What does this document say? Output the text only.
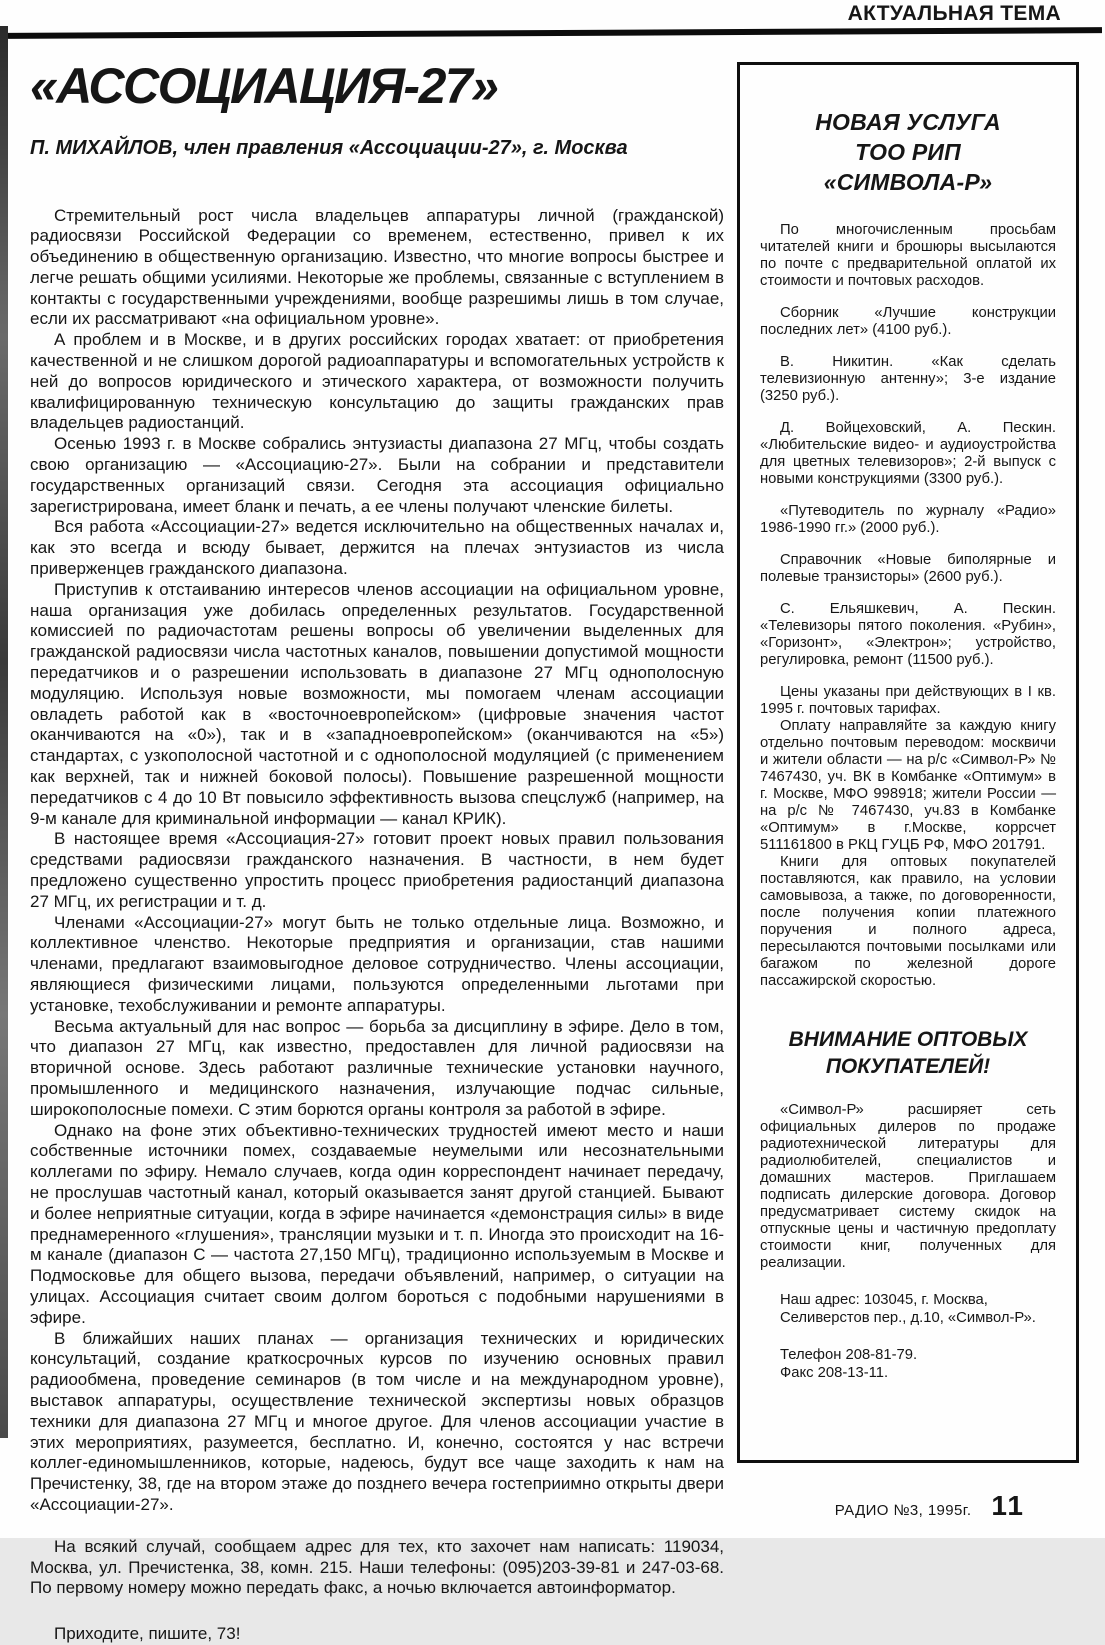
АКТУАЛЬНАЯ ТЕМА
«АССОЦИАЦИЯ-27»
П. МИХАЙЛОВ, член правления «Ассоциации-27», г. Москва

Стремительный рост числа владельцев аппаратуры личной (гражданской) радиосвязи Российской Федерации со временем, естественно, привел к их объединению в общественную организацию. Известно, что многие вопросы быстрее и легче решать общими усилиями. Некоторые же проблемы, связанные с вступлением в контакты с государственными учреждениями, вообще разрешимы лишь в том случае, если их рассматривают «на официальном уровне».

А проблем и в Москве, и в других российских городах хватает: от приобретения качественной и не слишком дорогой радиоаппаратуры и вспомогательных устройств к ней до вопросов юридического и этического характера, от возможности получить квалифицированную техническую консультацию до защиты гражданских прав владельцев радиостанций.

Осенью 1993 г. в Москве собрались энтузиасты диапазона 27 МГц, чтобы создать свою организацию — «Ассоциацию-27». Были на собрании и представители государственных организаций связи. Сегодня эта ассоциация официально зарегистрирована, имеет бланк и печать, а ее члены получают членские билеты.

Вся работа «Ассоциации-27» ведется исключительно на общественных началах и, как это всегда и всюду бывает, держится на плечах энтузиастов из числа приверженцев гражданского диапазона.

Приступив к отстаиванию интересов членов ассоциации на официальном уровне, наша организация уже добилась определенных результатов. Государственной комиссией по радиочастотам решены вопросы об увеличении выделенных для гражданской радиосвязи числа частотных каналов, повышении допустимой мощности передатчиков и о разрешении использовать в диапазоне 27 МГц однополосную модуляцию. Используя новые возможности, мы помогаем членам ассоциации овладеть работой как в «восточноевропейском» (цифровые значения частот оканчиваются на «0»), так и в «западноевропейском» (оканчиваются на «5») стандартах, с узкополосной частотной и с однополосной модуляцией (с применением как верхней, так и нижней боковой полосы). Повышение разрешенной мощности передатчиков с 4 до 10 Вт повысило эффективность вызова спецслужб (например, на 9-м канале для криминальной информации — канал КРИК).

В настоящее время «Ассоциация-27» готовит проект новых правил пользования средствами радиосвязи гражданского назначения. В частности, в нем будет предложено существенно упростить процесс приобретения радиостанций диапазона 27 МГц, их регистрации и т. д.

Членами «Ассоциации-27» могут быть не только отдельные лица. Возможно, и коллективное членство. Некоторые предприятия и организации, став нашими членами, предлагают взаимовыгодное деловое сотрудничество. Члены ассоциации, являющиеся физическими лицами, пользуются определенными льготами при установке, техобслуживании и ремонте аппаратуры.

Весьма актуальный для нас вопрос — борьба за дисциплину в эфире. Дело в том, что диапазон 27 МГц, как известно, предоставлен для личной радиосвязи на вторичной основе. Здесь работают различные технические установки научного, промышленного и медицинского назначения, излучающие подчас сильные, широкополосные помехи. С этим борются органы контроля за работой в эфире.

Однако на фоне этих объективно-технических трудностей имеют место и наши собственные источники помех, создаваемые неумелыми или несознательными коллегами по эфиру. Немало случаев, когда один корреспондент начинает передачу, не прослушав частотный канал, который оказывается занят другой станцией. Бывают и более неприятные ситуации, когда в эфире начинается «демонстрация силы» в виде преднамеренного «глушения», трансляции музыки и т. п. Иногда это происходит на 16-м канале (диапазон С — частота 27,150 МГц), традиционно используемым в Москве и Подмосковье для общего вызова, передачи объявлений, например, о ситуации на улицах. Ассоциация считает своим долгом бороться с подобными нарушениями в эфире.

В ближайших наших планах — организация технических и юридических консультаций, создание краткосрочных курсов по изучению основных правил радиообмена, проведение семинаров (в том числе и на международном уровне), выставок аппаратуры, осуществление технической экспертизы новых образцов техники для диапазона 27 МГц и многое другое. Для членов ассоциации участие в этих мероприятиях, разумеется, бесплатно. И, конечно, состоятся у нас встречи коллег-единомышленников, которые, надеюсь, будут все чаще заходить к нам на Пречистенку, 38, где на втором этаже до позднего вечера гостеприимно открыты двери «Ассоциации-27».

На всякий случай, сообщаем адрес для тех, кто захочет нам написать: 119034, Москва, ул. Пречистенка, 38, комн. 215. Наши телефоны: (095)203-39-81 и 247-03-68. По первому номеру можно передать факс, а ночью включается автоинформатор.

Приходите, пишите, 73!

НОВАЯ УСЛУГА
ТОО РИП
«СИМВОЛА-Р»

По многочисленным просьбам читателей книги и брошюры высылаются по почте с предварительной оплатой их стоимости и почтовых расходов.

Сборник «Лучшие конструкции последних лет» (4100 руб.).

В. Никитин. «Как сделать телевизионную антенну»; 3-е издание (3250 руб.).

Д. Войцеховский, А. Пескин. «Любительские видео- и аудиоустройства для цветных телевизоров»; 2-й выпуск с новыми конструкциями (3300 руб.).

«Путеводитель по журналу «Радио» 1986-1990 гг.» (2000 руб.).

Справочник «Новые биполярные и полевые транзисторы» (2600 руб.).

С. Ельяшкевич, А. Пескин. «Телевизоры пятого поколения. «Рубин», «Горизонт», «Электрон»; устройство, регулировка, ремонт (11500 руб.).

Цены указаны при действующих в I кв. 1995 г. почтовых тарифах.

Оплату направляйте за каждую книгу отдельно почтовым переводом: москвичи и жители области — на р/с «Символ-Р» № 7467430, уч. ВК в Комбанке «Оптимум» в г. Москве, МФО 998918; жители России — на р/с № 7467430, уч.83 в Комбанке «Оптимум» в г.Москве, коррсчет 511161800 в РКЦ ГУЦБ РФ, МФО 201791.

Книги для оптовых покупателей поставляются, как правило, на условии самовывоза, а также, по договоренности, после получения копии платежного поручения и полного адреса, пересылаются почтовыми посылками или багажом по железной дороге пассажирской скоростью.

ВНИМАНИЕ ОПТОВЫХ
ПОКУПАТЕЛЕЙ!

«Символ-Р» расширяет сеть официальных дилеров по продаже радиотехнической литературы для радиолюбителей, специалистов и домашних мастеров. Приглашаем подписать дилерские договора. Договор предусматривает систему скидок на отпускные цены и частичную предоплату стоимости книг, полученных для реализации.

Наш адрес: 103045, г. Москва,
Селиверстов пер., д.10, «Символ-Р».
Телефон 208-81-79.
Факс 208-13-11.
РАДИО №3, 1995г. 11
